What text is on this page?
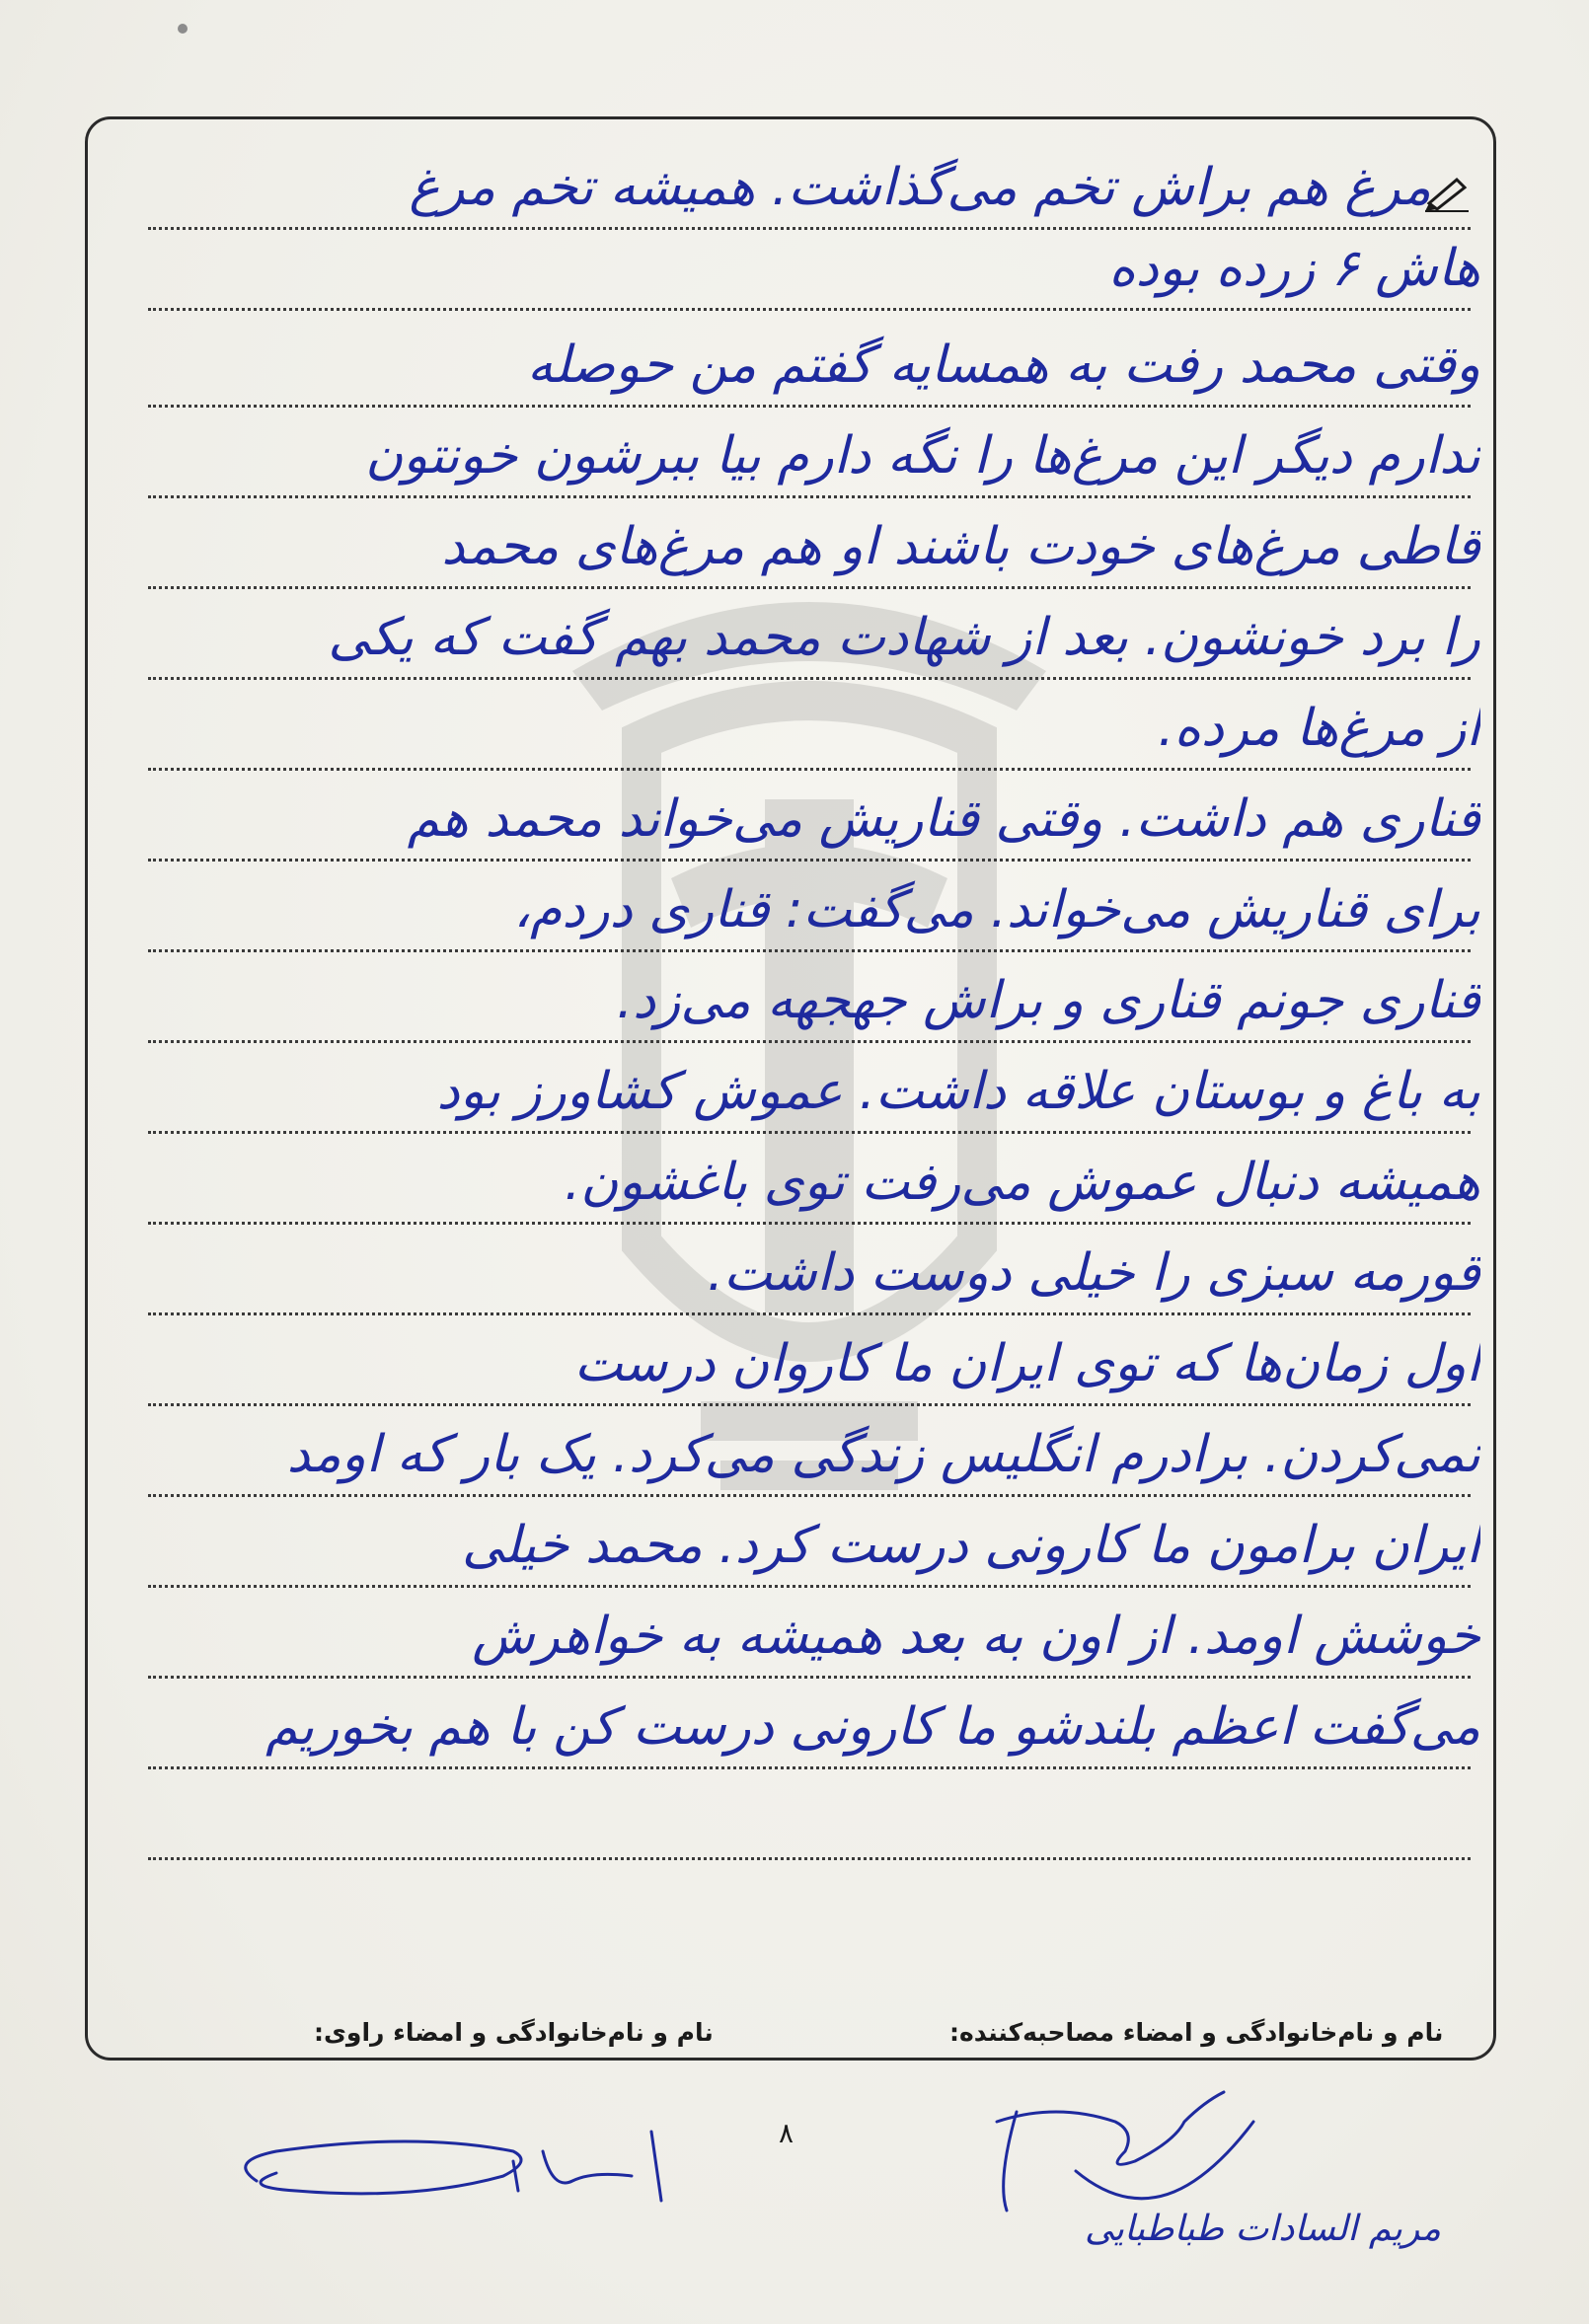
مرغ هم براش تخم می‌گذاشت. همیشه تخم مرغ
هاش ۶ زرده بوده
وقتی محمد رفت به همسایه گفتم من حوصله
ندارم دیگر این مرغ‌ها را نگه دارم بیا ببرشون خونتون
قاطی مرغ‌های خودت باشند او هم مرغ‌های محمد
را برد خونشون. بعد از شهادت محمد بهم گفت که یکی
از مرغ‌ها مرده.
قناری هم داشت. وقتی قناریش می‌خواند محمد هم
برای قناریش می‌خواند. می‌گفت: قناری دردم،
قناری جونم قناری و براش جهجهه می‌زد.
به باغ و بوستان علاقه داشت. عموش کشاورز بود
همیشه دنبال عموش می‌رفت توی باغشون.
قورمه سبزی را خیلی دوست داشت.
اول زمان‌ها که توی ایران ما کاروان درست
نمی‌کردن. برادرم انگلیس زندگی می‌کرد. یک بار که اومد
ایران برامون ما کارونی درست کرد. محمد خیلی
خوشش اومد. از اون به بعد همیشه به خواهرش
می‌گفت اعظم بلندشو ما کارونی درست کن با هم بخوریم
نام و نام‌خانوادگی و امضاء مصاحبه‌کننده:
نام و نام‌خانوادگی و امضاء راوی:
۸
مریم السادات طباطبایی
